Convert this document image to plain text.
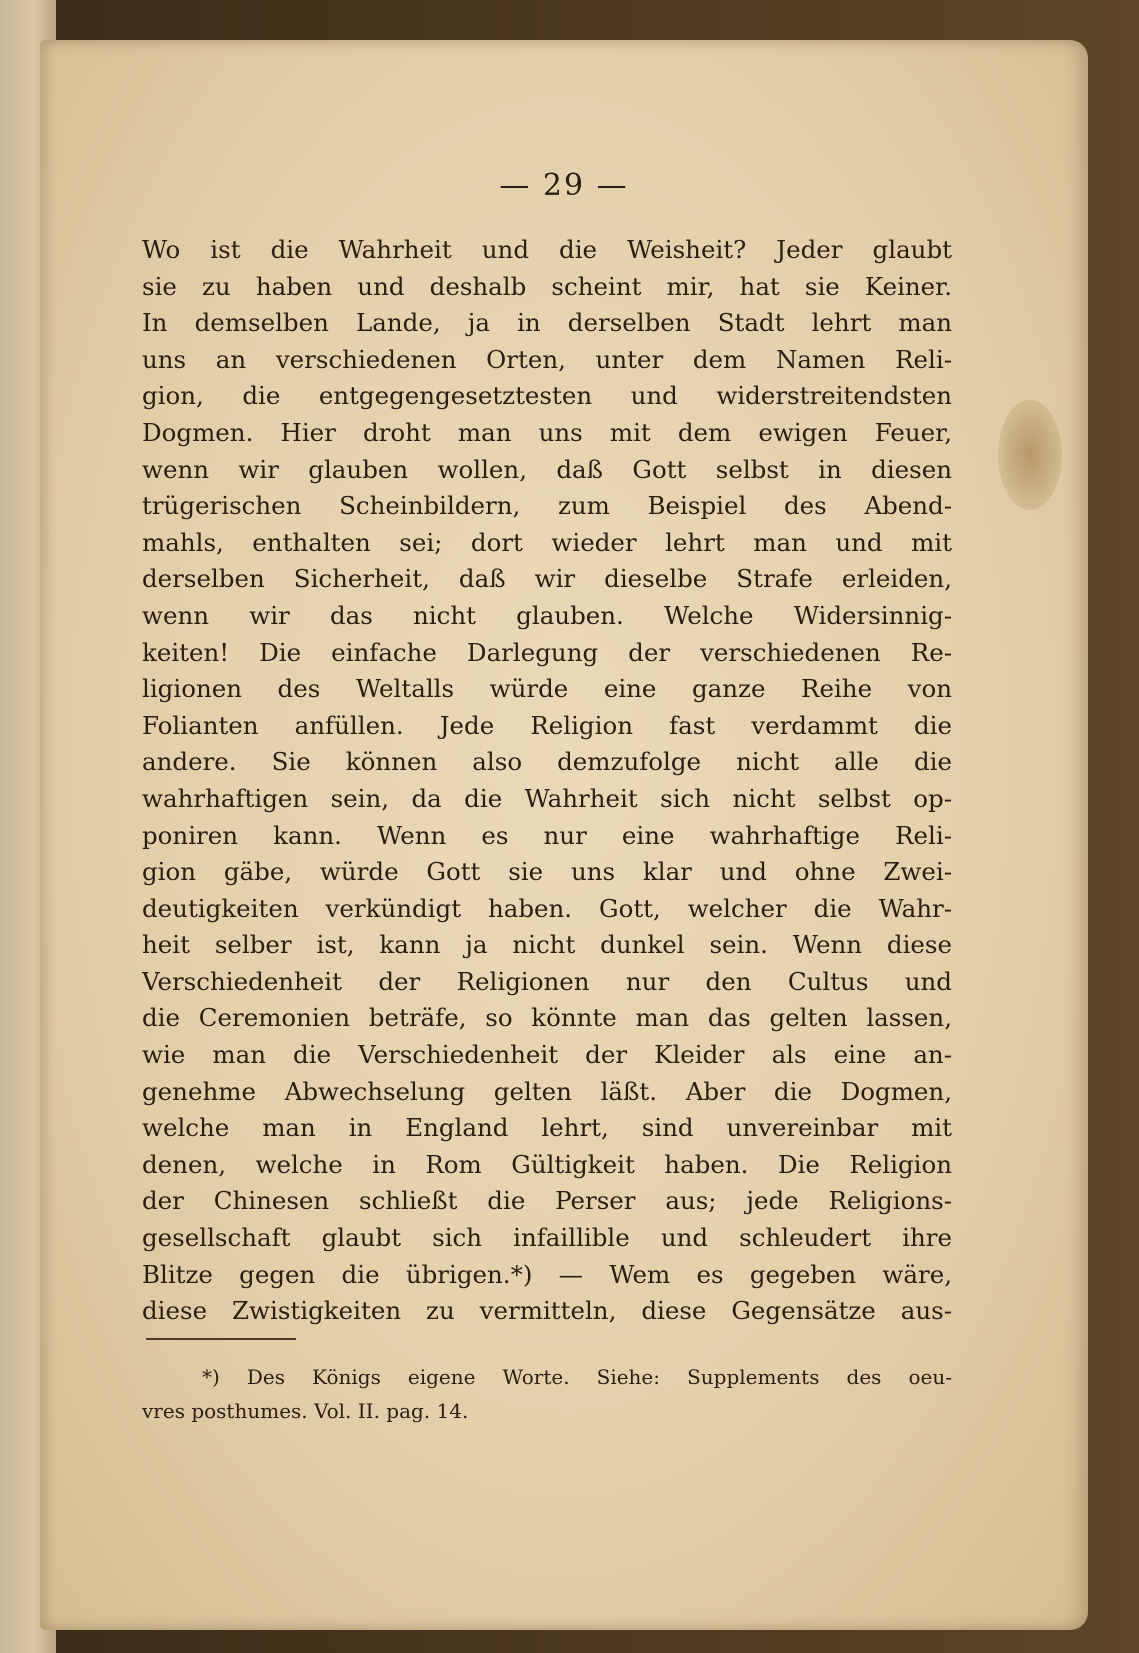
— 29 —
Wo ist die Wahrheit und die Weisheit? Jeder glaubt
sie zu haben und deshalb scheint mir, hat sie Keiner.
In demselben Lande, ja in derselben Stadt lehrt man
uns an verschiedenen Orten, unter dem Namen Reli-
gion, die entgegengesetztesten und widerstreitendsten
Dogmen. Hier droht man uns mit dem ewigen Feuer,
wenn wir glauben wollen, daß Gott selbst in diesen
trügerischen Scheinbildern, zum Beispiel des Abend-
mahls, enthalten sei; dort wieder lehrt man und mit
derselben Sicherheit, daß wir dieselbe Strafe erleiden,
wenn wir das nicht glauben. Welche Widersinnig-
keiten! Die einfache Darlegung der verschiedenen Re-
ligionen des Weltalls würde eine ganze Reihe von
Folianten anfüllen. Jede Religion fast verdammt die
andere. Sie können also demzufolge nicht alle die
wahrhaftigen sein, da die Wahrheit sich nicht selbst op-
poniren kann. Wenn es nur eine wahrhaftige Reli-
gion gäbe, würde Gott sie uns klar und ohne Zwei-
deutigkeiten verkündigt haben. Gott, welcher die Wahr-
heit selber ist, kann ja nicht dunkel sein. Wenn diese
Verschiedenheit der Religionen nur den Cultus und
die Ceremonien beträfe, so könnte man das gelten lassen,
wie man die Verschiedenheit der Kleider als eine an-
genehme Abwechselung gelten läßt. Aber die Dogmen,
welche man in England lehrt, sind unvereinbar mit
denen, welche in Rom Gültigkeit haben. Die Religion
der Chinesen schließt die Perser aus; jede Religions-
gesellschaft glaubt sich infaillible und schleudert ihre
Blitze gegen die übrigen.*) — Wem es gegeben wäre,
diese Zwistigkeiten zu vermitteln, diese Gegensätze aus-
*) Des Königs eigene Worte. Siehe: Supplements des oeu-
vres posthumes. Vol. II. pag. 14.
